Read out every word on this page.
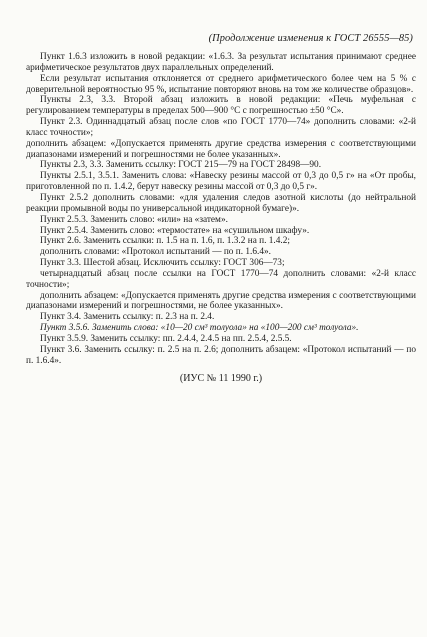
(Продолжение изменения к ГОСТ 26555—85)

Пункт 1.6.3 изложить в новой редакции: «1.6.3. За результат испытания принимают среднее арифметическое результатов двух параллельных определений.

Если результат испытания отклоняется от среднего арифметического более чем на 5 % с доверительной вероятностью 95 %, испытание повторяют вновь на том же количестве образцов».

Пункты 2.3, 3.3. Второй абзац изложить в новой редакции: «Печь муфельная с регулированием температуры в пределах 500—900 °С с погрешностью ±50 °С».

Пункт 2.3. Одиннадцатый абзац после слов «по ГОСТ 1770—74» дополнить словами: «2-й класс точности»;

дополнить абзацем: «Допускается применять другие средства измерения с соответствующими диапазонами измерений и погрешностями не более указанных».

Пункты 2.3, 3.3. Заменить ссылку: ГОСТ 215—79 на ГОСТ 28498—90.

Пункты 2.5.1, 3.5.1. Заменить слова: «Навеску резины массой от 0,3 до 0,5 г» на «От пробы, приготовленной по п. 1.4.2, берут навеску резины массой от 0,3 до 0,5 г».

Пункт 2.5.2 дополнить словами: «для удаления следов азотной кислоты (до нейтральной реакции промывной воды по универсальной индикаторной бумаге)».

Пункт 2.5.3. Заменить слово: «или» на «затем».

Пункт 2.5.4. Заменить слово: «термостате» на «сушильном шкафу».

Пункт 2.6. Заменить ссылки: п. 1.5 на п. 1.6, п. 1.3.2 на п. 1.4.2;

дополнить словами: «Протокол испытаний — по п. 1.6.4».

Пункт 3.3. Шестой абзац. Исключить ссылку: ГОСТ 306—73;

четырнадцатый абзац после ссылки на ГОСТ 1770—74 дополнить словами: «2-й класс точности»;

дополнить абзацем: «Допускается применять другие средства измерения с соответствующими диапазонами измерений и погрешностями, не более указанных».

Пункт 3.4. Заменить ссылку: п. 2.3 на п. 2.4.

Пункт 3.5.6. Заменить слова: «10—20 см³ толуола» на «100—200 см³ толуола».

Пункт 3.5.9. Заменить ссылку: пп. 2.4.4, 2.4.5 на пп. 2.5.4, 2.5.5.

Пункт 3.6. Заменить ссылку: п. 2.5 на п. 2.6; дополнить абзацем: «Протокол испытаний — по п. 1.6.4».

(ИУС № 11 1990 г.)
